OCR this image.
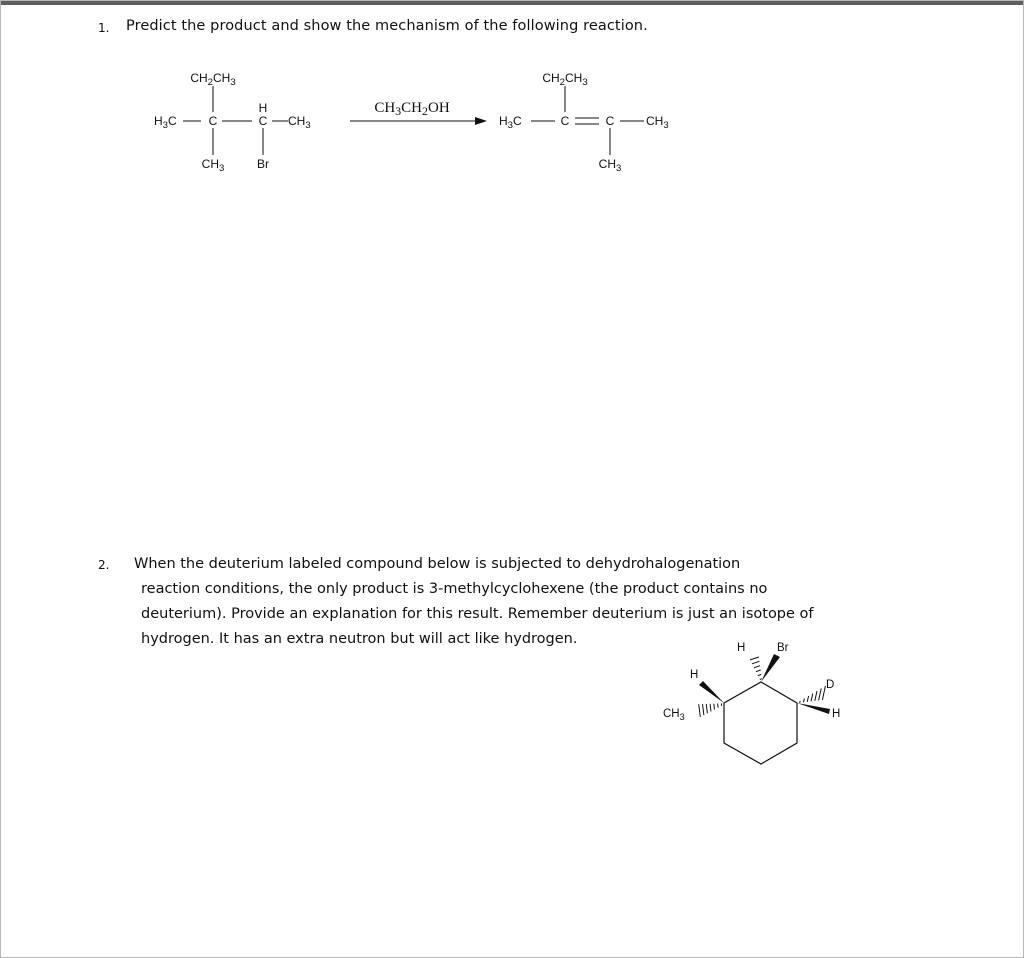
1. Predict the product and show the mechanism of the following reaction.
$CH_2CH_3$
$H_3C$	C	C
H
$CH_3$
$CH_3$	Br
$CH_3CH_2OH$
$CH_2CH_3$
$H_3C$	C	C	$CH_3$
$CH_3$
2. When the deuterium labeled compound below is subjected to dehydrohalogenation
reaction conditions, the only product is 3-methylcyclohexene (the product contains no
deuterium). Provide an explanation for this result. Remember deuterium is just an isotope of
hydrogen. It has an extra neutron but will act like hydrogen.
H	Br
H
D
H
$CH_3$
